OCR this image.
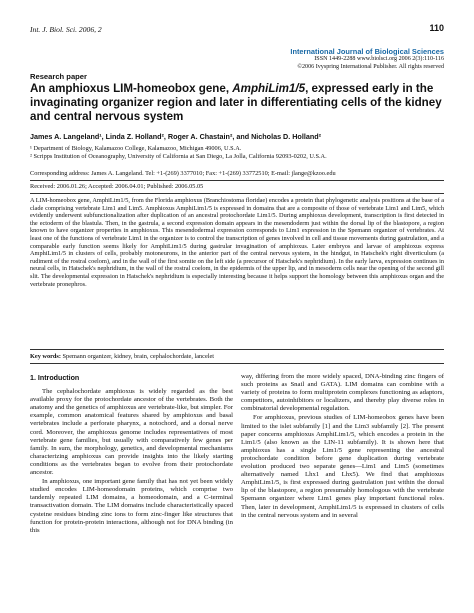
Int. J. Biol. Sci. 2006, 2	110
International Journal of Biological Sciences
ISSN 1449-2288 www.biolsci.org 2006 2(3):110-116
©2006 Ivyspring International Publisher. All rights reserved
Research paper
An amphioxus LIM-homeobox gene, AmphiLim1/5, expressed early in the invaginating organizer region and later in differentiating cells of the kidney and central nervous system
James A. Langeland¹, Linda Z. Holland², Roger A. Chastain², and Nicholas D. Holland²
¹ Department of Biology, Kalamazoo College, Kalamazoo, Michigan 49006, U.S.A.
² Scripps Institution of Oceanography, University of California at San Diego, La Jolla, California 92093-0202, U.S.A.
Corresponding address: James A. Langeland. Tel: +1-(269) 3377010; Fax: +1-(269) 33772510; E-mail: jlange@kzoo.edu
Received: 2006.01.26; Accepted: 2006.04.01; Published: 2006.05.05
A LIM-homeobox gene, AmphiLim1/5, from the Florida amphioxus (Branchiostoma floridae) encodes a protein that phylogenetic analysis positions at the base of a clade comprising vertebrate Lim1 and Lim5. Amphioxus AmphiLim1/5 is expressed in domains that are a composite of those of vertebrate Lim1 and Lim5, which evidently underwent subfunctionalization after duplication of an ancestral protochordate Lim1/5. During amphioxus development, transcription is first detected in the ectoderm of the blastula. Then, in the gastrula, a second expression domain appears in the mesendoderm just within the dorsal lip of the blastopore, a region known to have organizer properties in amphioxus. This mesendodermal expression corresponds to Lim1 expression in the Spemann organizer of vertebrates. At least one of the functions of vertebrate Lim1 in the organizer is to control the transcription of genes involved in cell and tissue movements during gastrulation, and a comparable early function seems likely for AmphiLim1/5 during gastrular invagination of amphioxus. Later embryos and larvae of amphioxus express AmphiLim1/5 in clusters of cells, probably motoneurons, in the anterior part of the central nervous system, in the hindgut, in Hatschek's right diverticulum (a rudiment of the rostral coelom), and in the wall of the first somite on the left side (a precursor of Hatschek's nephridium). In the early larva, expression continues in neural cells, in Hatschek's nephridium, in the wall of the rostral coelom, in the epidermis of the upper lip, and in mesoderm cells near the opening of the second gill slit. The developmental expression in Hatschek's nephridium is especially interesting because it helps support the homology between this amphioxus organ and the vertebrate pronephros.
Key words: Spemann organizer, kidney, brain, cephalochordate, lancelet
1. Introduction

The cephalochordate amphioxus is widely regarded as the best available proxy for the protochordate ancestor of the vertebrates. Both the anatomy and the genetics of amphioxus are vertebrate-like, but simpler. For example, common anatomical features shared by amphioxus and basal vertebrates include a perforate pharynx, a notochord, and a dorsal nerve cord. Moreover, the amphioxus genome includes representatives of most vertebrate gene families, but usually with comparatively few genes per family. In sum, the morphology, genetics, and developmental mechanisms characterizing amphioxus can provide insights into the likely starting conditions as the vertebrates began to evolve from their protochordate ancestor.

In amphioxus, one important gene family that has not yet been widely studied encodes LIM-homeodomain proteins, which comprise two tandemly repeated LIM domains, a homeodomain, and a C-terminal transactivation domain. The LIM domains include characteristically spaced cysteine residues binding zinc ions to form zinc-finger like structures that function for protein-protein interactions, although not for DNA binding (in this

way, differing from the more widely spaced, DNA-binding zinc fingers of such proteins as Snail and GATA). LIM domains can combine with a variety of proteins to form multiprotein complexes functioning as adaptors, competitors, autoinhibitors or localizers, and thereby play diverse roles in combinatorial developmental regulation.

For amphioxus, previous studies of LIM-homeobox genes have been limited to the islet subfamily [1] and the Lim3 subfamily [2]. The present paper concerns amphioxus AmphiLim1/5, which encodes a protein in the Lim1/5 (also known as the LIN-11 subfamily). It is shown here that amphioxus has a single Lim1/5 gene representing the ancestral protochordate condition before gene duplication during vertebrate evolution produced two separate genes—Lim1 and Lim5 (sometimes alternatively named Lhx1 and Lhx5). We find that amphioxus AmphiLim1/5, is first expressed during gastrulation just within the dorsal lip of the blastopore, a region presumably homologous with the vertebrate Spemann organizer where Lim1 genes play important functional roles. Then, later in development, AmphiLim1/5 is expressed in clusters of cells in the central nervous system and in several
